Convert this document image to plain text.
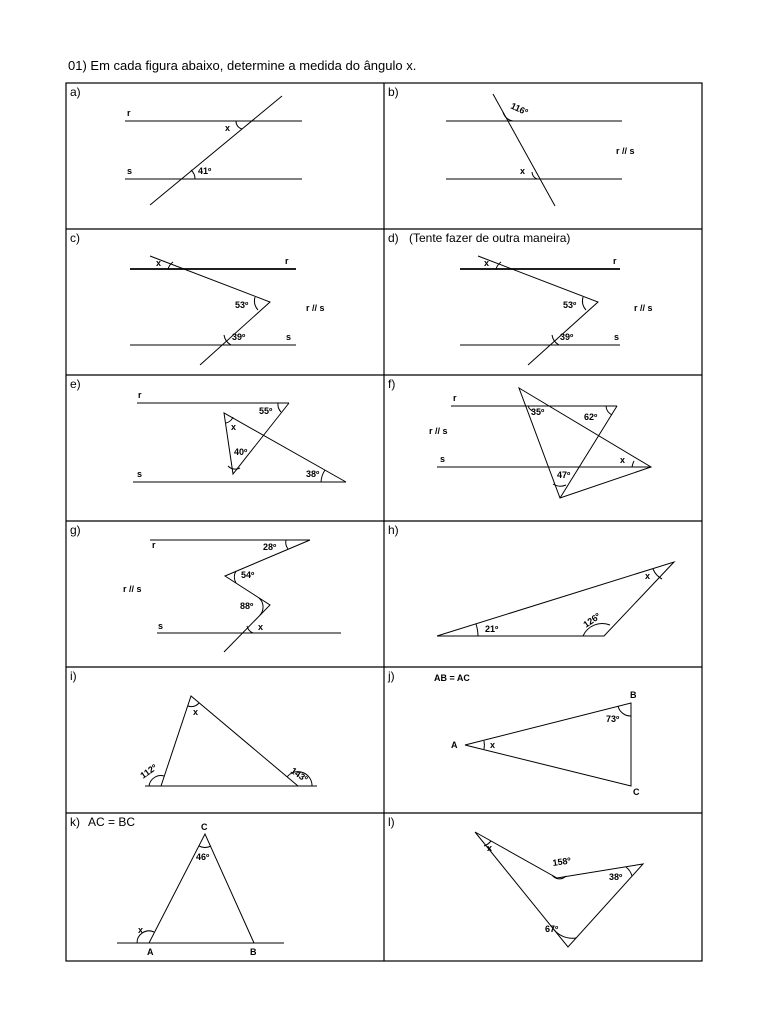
01) Em cada figura abaixo, determine a medida do ângulo x.
a)
r
s
x
41º
b)
116º
x
r // s
c)
r
s
x
53º
39º
r // s
d) (Tente fazer de outra maneira)
r
s
x
53º
39º
r // s
e)
r
s
55º
x
40º
38º
f)
r
s
r // s
35º	62º
47º
x
g)
r
s
r // s
28º
54º
88º
x
h)
21º	126º
x
i)
112º
x
143º
j)	AB = AC
A
B
C
x
73º
k) AC = BC	C
46º
x
A	B
l)
x
158º
38º
67º
